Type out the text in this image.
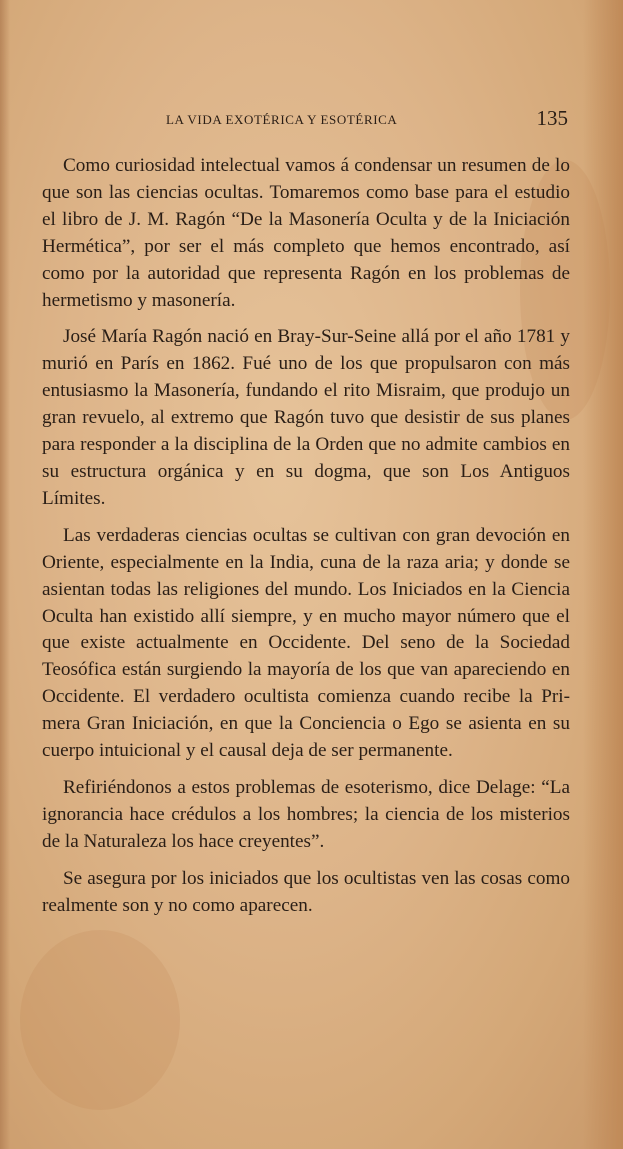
LA VIDA EXOTÉRICA Y ESOTÉRICA	135

Como curiosidad intelectual vamos á condensar un resumen de lo que son las ciencias ocultas. Tomaremos como base para el estudio el libro de J. M. Ragón “De la Masonería Oculta y de la Iniciación Hermética”, por ser el más completo que hemos encontrado, así como por la autoridad que representa Ragón en los problemas de hermetismo y masonería.

José María Ragón nació en Bray-Sur-Seine allá por el año 1781 y murió en París en 1862. Fué uno de los que propulsaron con más entusiasmo la Masonería, fundando el rito Misraim, que produjo un gran revuelo, al extremo que Ragón tuvo que desistir de sus planes para responder a la disciplina de la Orden que no admite cambios en su estructura orgánica y en su dogma, que son Los Antiguos Límites.

Las verdaderas ciencias ocultas se cultivan con gran devoción en Oriente, especialmente en la India, cuna de la raza aria; y donde se asientan todas las religiones del mundo. Los Iniciados en la Ciencia Oculta han existido allí siempre, y en mucho mayor número que el que existe actualmente en Occidente. Del seno de la Sociedad Teosófica están surgiendo la mayoría de los que van apareciendo en Occidente. El verdadero ocultista comienza cuando recibe la Primera Gran Iniciación, en que la Conciencia o Ego se asienta en su cuerpo intuicional y el causal deja de ser permanente.

Refiriéndonos a estos problemas de esoterismo, dice Delage: “La ignorancia hace crédulos a los hombres; la ciencia de los misterios de la Naturaleza los hace creyentes”.

Se asegura por los iniciados que los ocultistas ven las cosas como realmente son y no como aparecen.
